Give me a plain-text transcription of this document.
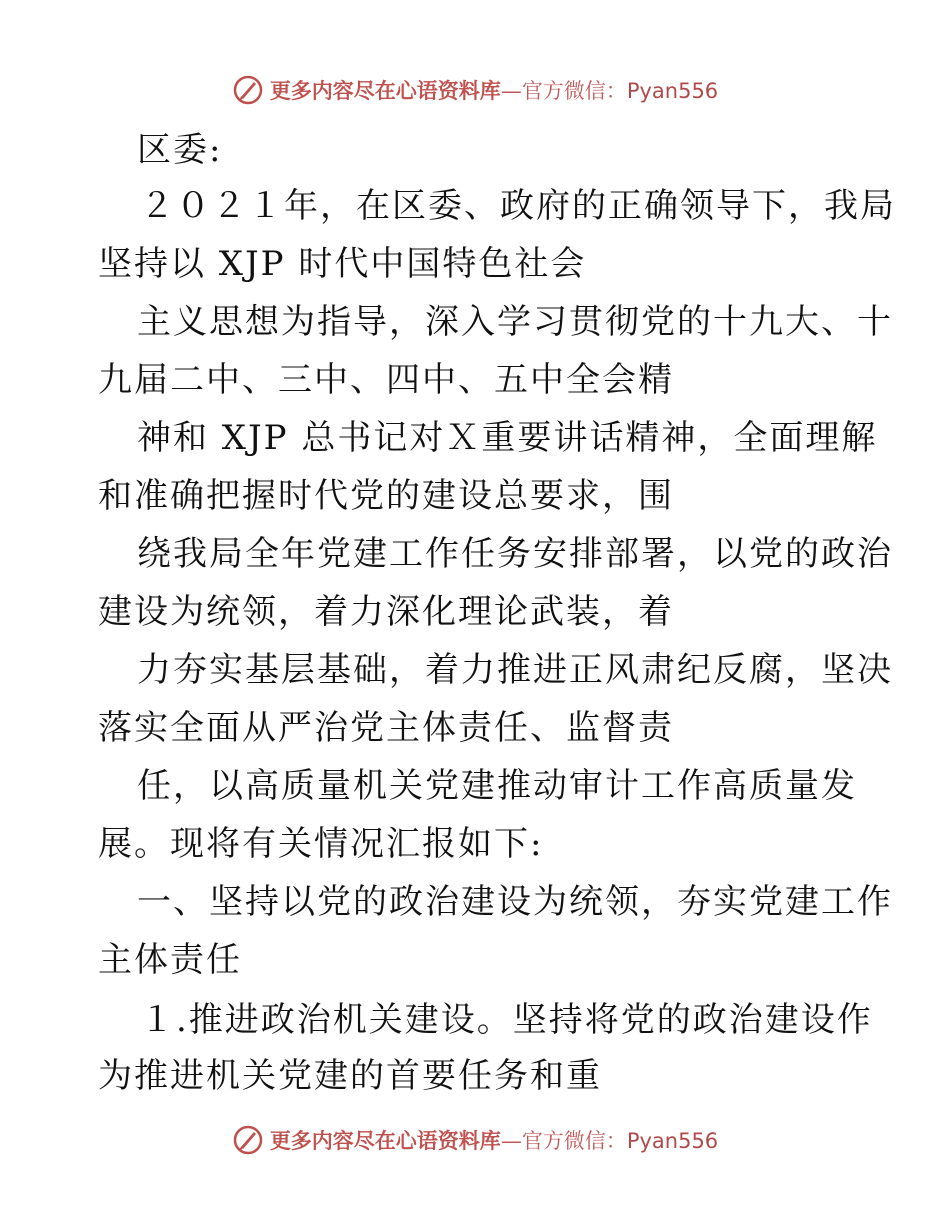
更多内容尽在心语资料库—官方微信：Pyan556
区委:
２０２１年，在区委、政府的正确领导下，我局
坚持以 XJP 时代中国特色社会
主义思想为指导，深入学习贯彻党的十九大、十
九届二中、三中、四中、五中全会精
神和 XJP 总书记对Ｘ重要讲话精神，全面理解
和准确把握时代党的建设总要求，围
绕我局全年党建工作任务安排部署，以党的政治
建设为统领，着力深化理论武装，着
力夯实基层基础，着力推进正风肃纪反腐，坚决
落实全面从严治党主体责任、监督责
任，以高质量机关党建推动审计工作高质量发
展。现将有关情况汇报如下:
一、坚持以党的政治建设为统领，夯实党建工作
主体责任
１.推进政治机关建设。坚持将党的政治建设作
为推进机关党建的首要任务和重
更多内容尽在心语资料库—官方微信：Pyan556
